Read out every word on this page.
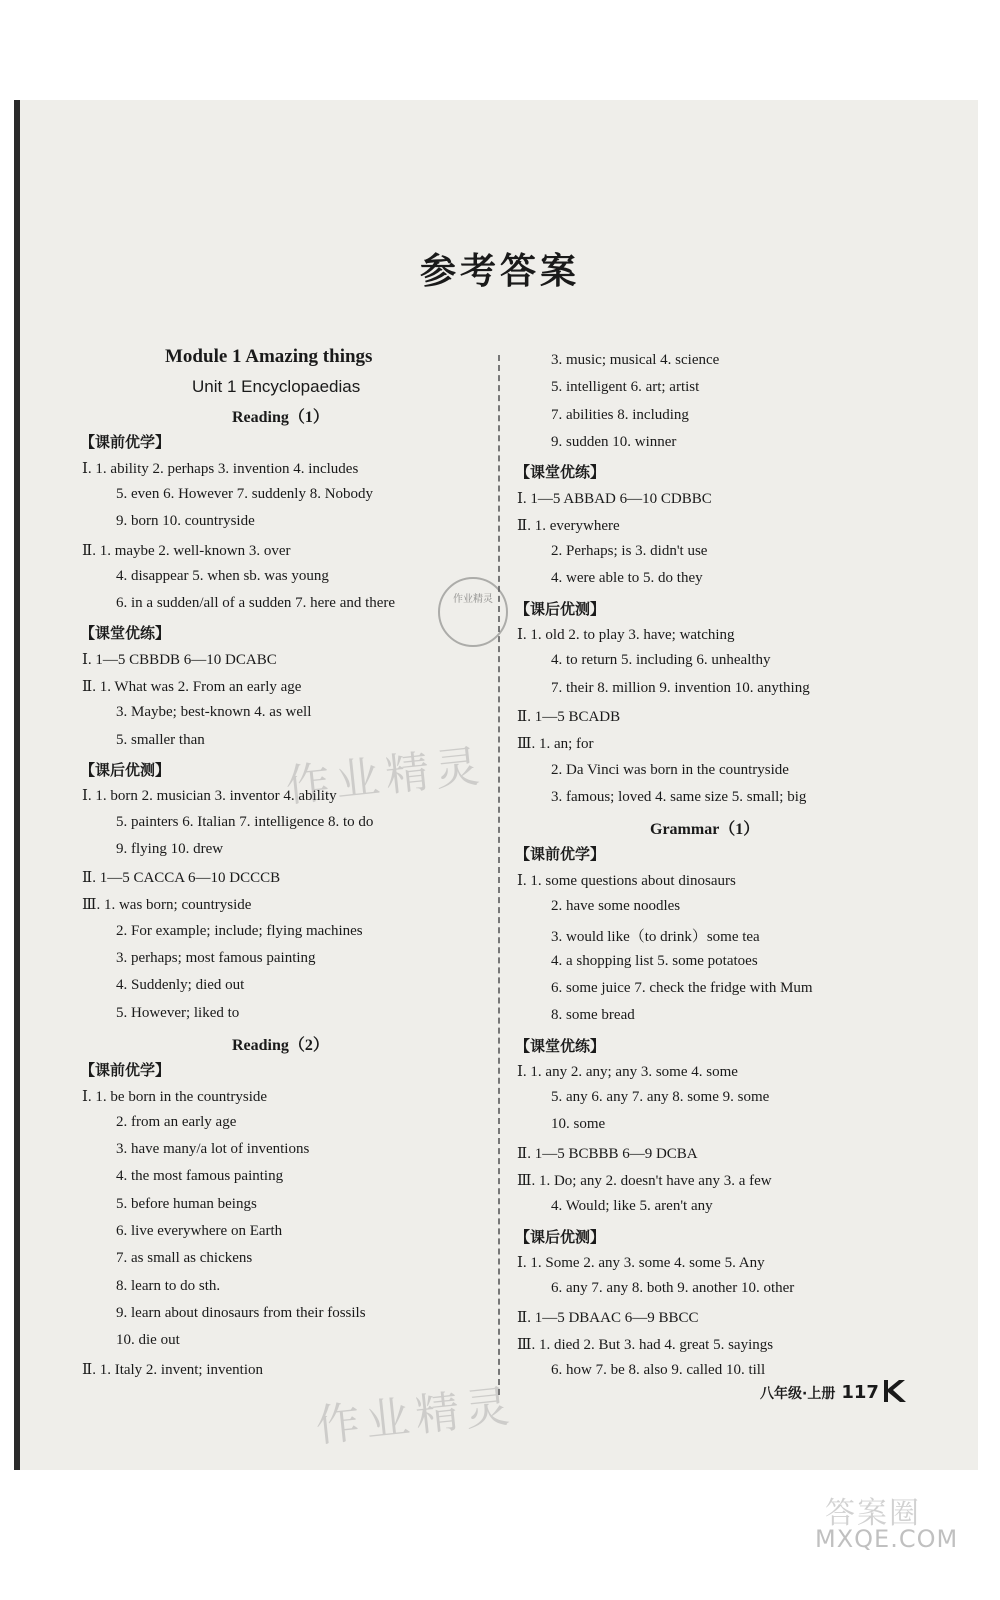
参考答案
Module 1 Amazing things
Unit 1 Encyclopaedias
Reading（1）
【课前优学】
Ⅰ. 1. ability 2. perhaps 3. invention 4. includes
5. even 6. However 7. suddenly 8. Nobody
9. born 10. countryside
Ⅱ. 1. maybe 2. well-known 3. over
4. disappear 5. when sb. was young
6. in a sudden/all of a sudden 7. here and there
【课堂优练】
Ⅰ. 1—5 CBBDB 6—10 DCABC
Ⅱ. 1. What was 2. From an early age
3. Maybe; best-known 4. as well
5. smaller than
【课后优测】
Ⅰ. 1. born 2. musician 3. inventor 4. ability
5. painters 6. Italian 7. intelligence 8. to do
9. flying 10. drew
Ⅱ. 1—5 CACCA 6—10 DCCCB
Ⅲ. 1. was born; countryside
2. For example; include; flying machines
3. perhaps; most famous painting
4. Suddenly; died out
5. However; liked to
Reading（2）
【课前优学】
Ⅰ. 1. be born in the countryside
2. from an early age
3. have many/a lot of inventions
4. the most famous painting
5. before human beings
6. live everywhere on Earth
7. as small as chickens
8. learn to do sth.
9. learn about dinosaurs from their fossils
10. die out
Ⅱ. 1. Italy 2. invent; invention
3. music; musical 4. science
5. intelligent 6. art; artist
7. abilities 8. including
9. sudden 10. winner
【课堂优练】
Ⅰ. 1—5 ABBAD 6—10 CDBBC
Ⅱ. 1. everywhere
2. Perhaps; is 3. didn't use
4. were able to 5. do they
【课后优测】
Ⅰ. 1. old 2. to play 3. have; watching
4. to return 5. including 6. unhealthy
7. their 8. million 9. invention 10. anything
Ⅱ. 1—5 BCADB
Ⅲ. 1. an; for
2. Da Vinci was born in the countryside
3. famous; loved 4. same size 5. small; big
Grammar（1）
【课前优学】
Ⅰ. 1. some questions about dinosaurs
2. have some noodles
3. would like（to drink）some tea
4. a shopping list 5. some potatoes
6. some juice 7. check the fridge with Mum
8. some bread
【课堂优练】
Ⅰ. 1. any 2. any; any 3. some 4. some
5. any 6. any 7. any 8. some 9. some
10. some
Ⅱ. 1—5 BCBBB 6—9 DCBA
Ⅲ. 1. Do; any 2. doesn't have any 3. a few
4. Would; like 5. aren't any
【课后优测】
Ⅰ. 1. Some 2. any 3. some 4. some 5. Any
6. any 7. any 8. both 9. another 10. other
Ⅱ. 1—5 DBAAC 6—9 BBCC
Ⅲ. 1. died 2. But 3. had 4. great 5. sayings
6. how 7. be 8. also 9. called 10. till
作业精灵
作业精灵
作业精灵
八年级·上册 117
答案圈
MXQE.COM
